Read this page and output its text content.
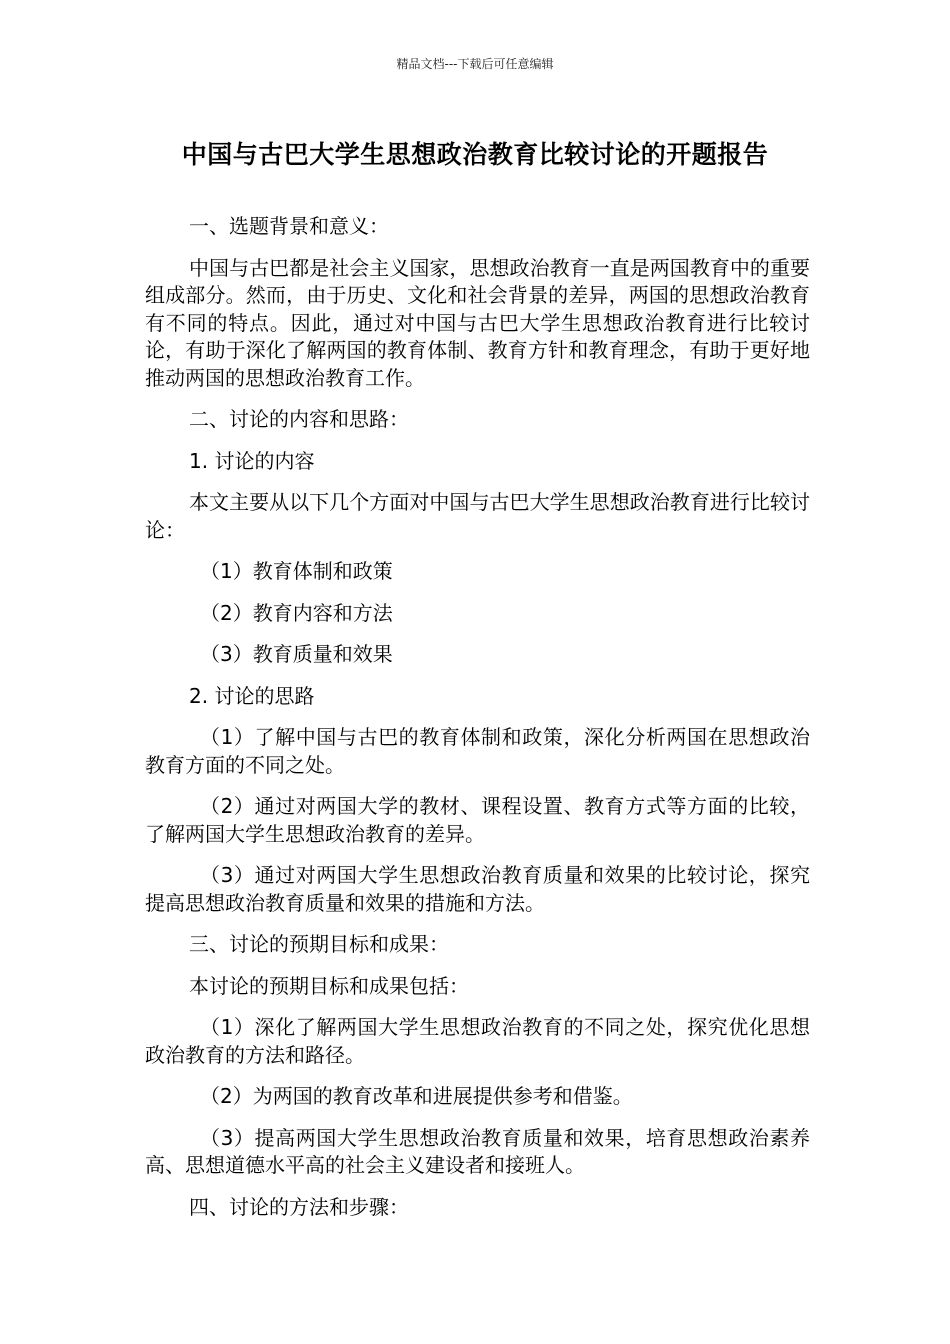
精品文档---下载后可任意编辑
中国与古巴大学生思想政治教育比较讨论的开题报告

一、选题背景和意义：

中国与古巴都是社会主义国家，思想政治教育一直是两国教育中的重要组成部分。然而，由于历史、文化和社会背景的差异，两国的思想政治教育有不同的特点。因此，通过对中国与古巴大学生思想政治教育进行比较讨论，有助于深化了解两国的教育体制、教育方针和教育理念，有助于更好地推动两国的思想政治教育工作。

二、讨论的内容和思路：

1. 讨论的内容

本文主要从以下几个方面对中国与古巴大学生思想政治教育进行比较讨论：

（1）教育体制和政策

（2）教育内容和方法

（3）教育质量和效果

2. 讨论的思路

（1）了解中国与古巴的教育体制和政策，深化分析两国在思想政治教育方面的不同之处。

（2）通过对两国大学的教材、课程设置、教育方式等方面的比较，了解两国大学生思想政治教育的差异。

（3）通过对两国大学生思想政治教育质量和效果的比较讨论，探究提高思想政治教育质量和效果的措施和方法。

三、讨论的预期目标和成果：

本讨论的预期目标和成果包括：

（1）深化了解两国大学生思想政治教育的不同之处，探究优化思想政治教育的方法和路径。

（2）为两国的教育改革和进展提供参考和借鉴。

（3）提高两国大学生思想政治教育质量和效果，培育思想政治素养高、思想道德水平高的社会主义建设者和接班人。

四、讨论的方法和步骤：
